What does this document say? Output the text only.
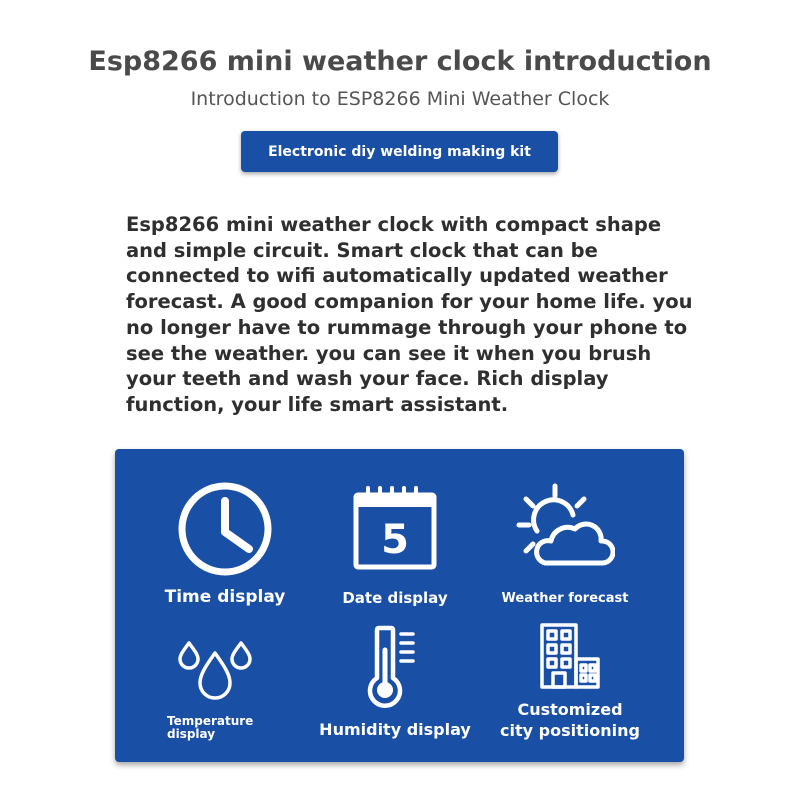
Esp8266 mini weather clock introduction
Introduction to ESP8266 Mini Weather Clock
Electronic diy welding making kit

Esp8266 mini weather clock with compact shape and simple circuit. Smart clock that can be connected to wifi automatically updated weather forecast. A good companion for your home life. you no longer have to rummage through your phone to see the weather. you can see it when you brush your teeth and wash your face. Rich display function, your life smart assistant.

Time display
5
Date display	Weather forecast
Temperature
display	Humidity display
Customized
city positioning
